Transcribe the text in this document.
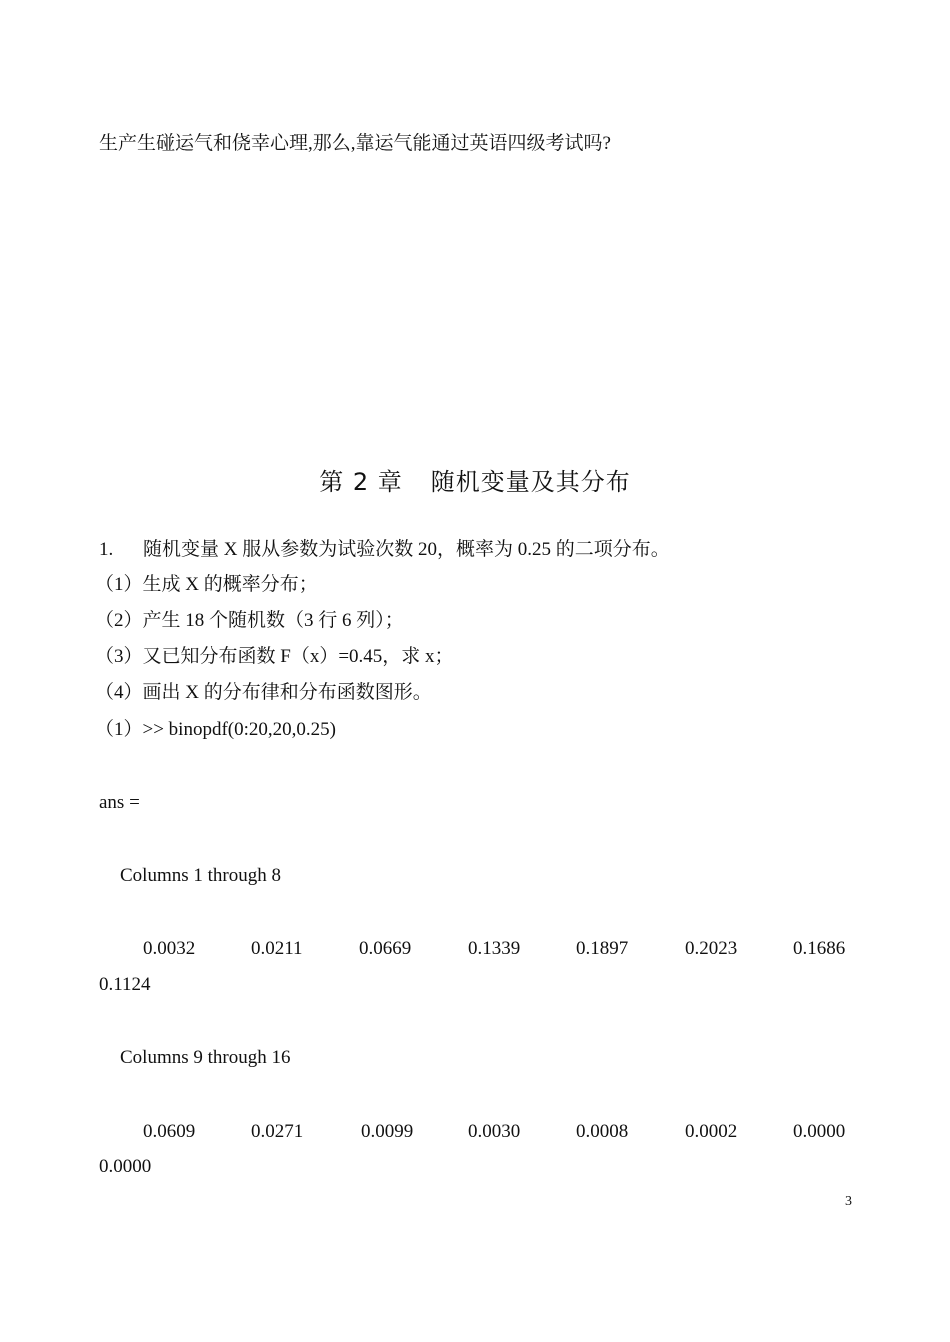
生产生碰运气和侥幸心理,那么,靠运气能通过英语四级考试吗?
第 2 章 随机变量及其分布
1. 随机变量 X 服从参数为试验次数 20，概率为 0.25 的二项分布。
（1）生成 X 的概率分布；
（2）产生 18 个随机数（3 行 6 列）；
（3）又已知分布函数 F（x）=0.45，求 x；
（4）画出 X 的分布律和分布函数图形。
（1）>> binopdf(0:20,20,0.25)
ans =
Columns 1 through 8
0.0032	0.0211	0.0669	0.1339	0.1897	0.2023	0.1686
0.1124
Columns 9 through 16
0.0609	0.0271	0.0099	0.0030	0.0008	0.0002	0.0000
0.0000
3
